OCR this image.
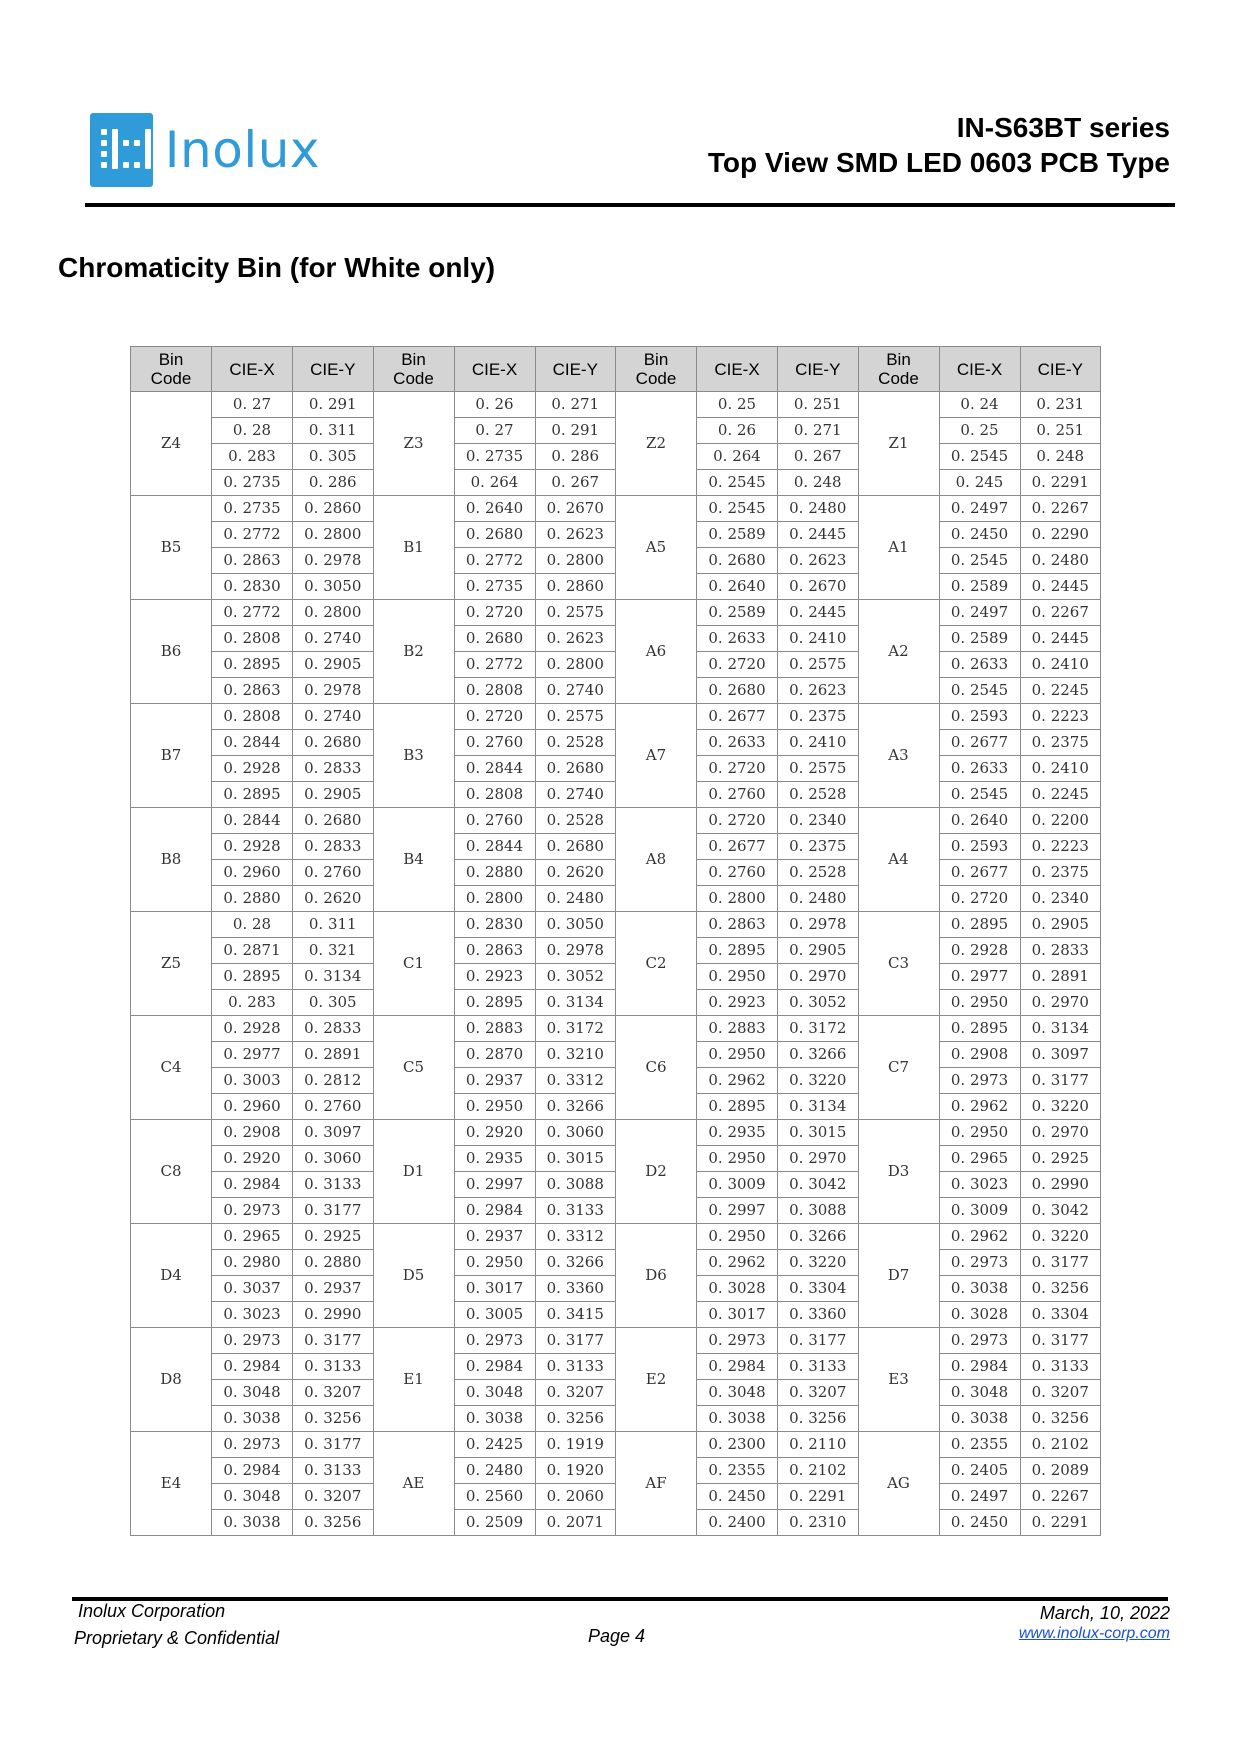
Inolux	IN-S63BT series
Top View SMD LED 0603 PCB Type
Chromaticity Bin (for White only)
Bin Code	CIE-X	CIE-Y	Bin Code	CIE-X	CIE-Y	Bin Code	CIE-X	CIE-Y	Bin Code	CIE-X	CIE-Y
Z4	0. 27	0. 291	Z3	0. 26	0. 271	Z2	0. 25	0. 251	Z1	0. 24	0. 231
	0. 28	0. 311		0. 27	0. 291		0. 26	0. 271		0. 25	0. 251
	0. 283	0. 305		0. 2735	0. 286		0. 264	0. 267		0. 2545	0. 248
	0. 2735	0. 286		0. 264	0. 267		0. 2545	0. 248		0. 245	0. 2291
B5	0. 2735	0. 2860	B1	0. 2640	0. 2670	A5	0. 2545	0. 2480	A1	0. 2497	0. 2267
	0. 2772	0. 2800		0. 2680	0. 2623		0. 2589	0. 2445		0. 2450	0. 2290
	0. 2863	0. 2978		0. 2772	0. 2800		0. 2680	0. 2623		0. 2545	0. 2480
	0. 2830	0. 3050		0. 2735	0. 2860		0. 2640	0. 2670		0. 2589	0. 2445
B6	0. 2772	0. 2800	B2	0. 2720	0. 2575	A6	0. 2589	0. 2445	A2	0. 2497	0. 2267
	0. 2808	0. 2740		0. 2680	0. 2623		0. 2633	0. 2410		0. 2589	0. 2445
	0. 2895	0. 2905		0. 2772	0. 2800		0. 2720	0. 2575		0. 2633	0. 2410
	0. 2863	0. 2978		0. 2808	0. 2740		0. 2680	0. 2623		0. 2545	0. 2245
B7	0. 2808	0. 2740	B3	0. 2720	0. 2575	A7	0. 2677	0. 2375	A3	0. 2593	0. 2223
	0. 2844	0. 2680		0. 2760	0. 2528		0. 2633	0. 2410		0. 2677	0. 2375
	0. 2928	0. 2833		0. 2844	0. 2680		0. 2720	0. 2575		0. 2633	0. 2410
	0. 2895	0. 2905		0. 2808	0. 2740		0. 2760	0. 2528		0. 2545	0. 2245
B8	0. 2844	0. 2680	B4	0. 2760	0. 2528	A8	0. 2720	0. 2340	A4	0. 2640	0. 2200
	0. 2928	0. 2833		0. 2844	0. 2680		0. 2677	0. 2375		0. 2593	0. 2223
	0. 2960	0. 2760		0. 2880	0. 2620		0. 2760	0. 2528		0. 2677	0. 2375
	0. 2880	0. 2620		0. 2800	0. 2480		0. 2800	0. 2480		0. 2720	0. 2340
Z5	0. 28	0. 311	C1	0. 2830	0. 3050	C2	0. 2863	0. 2978	C3	0. 2895	0. 2905
	0. 2871	0. 321		0. 2863	0. 2978		0. 2895	0. 2905		0. 2928	0. 2833
	0. 2895	0. 3134		0. 2923	0. 3052		0. 2950	0. 2970		0. 2977	0. 2891
	0. 283	0. 305		0. 2895	0. 3134		0. 2923	0. 3052		0. 2950	0. 2970
C4	0. 2928	0. 2833	C5	0. 2883	0. 3172	C6	0. 2883	0. 3172	C7	0. 2895	0. 3134
	0. 2977	0. 2891		0. 2870	0. 3210		0. 2950	0. 3266		0. 2908	0. 3097
	0. 3003	0. 2812		0. 2937	0. 3312		0. 2962	0. 3220		0. 2973	0. 3177
	0. 2960	0. 2760		0. 2950	0. 3266		0. 2895	0. 3134		0. 2962	0. 3220
C8	0. 2908	0. 3097	D1	0. 2920	0. 3060	D2	0. 2935	0. 3015	D3	0. 2950	0. 2970
	0. 2920	0. 3060		0. 2935	0. 3015		0. 2950	0. 2970		0. 2965	0. 2925
	0. 2984	0. 3133		0. 2997	0. 3088		0. 3009	0. 3042		0. 3023	0. 2990
	0. 2973	0. 3177		0. 2984	0. 3133		0. 2997	0. 3088		0. 3009	0. 3042
D4	0. 2965	0. 2925	D5	0. 2937	0. 3312	D6	0. 2950	0. 3266	D7	0. 2962	0. 3220
	0. 2980	0. 2880		0. 2950	0. 3266		0. 2962	0. 3220		0. 2973	0. 3177
	0. 3037	0. 2937		0. 3017	0. 3360		0. 3028	0. 3304		0. 3038	0. 3256
	0. 3023	0. 2990		0. 3005	0. 3415		0. 3017	0. 3360		0. 3028	0. 3304
D8	0. 2973	0. 3177	E1	0. 2973	0. 3177	E2	0. 2973	0. 3177	E3	0. 2973	0. 3177
	0. 2984	0. 3133		0. 2984	0. 3133		0. 2984	0. 3133		0. 2984	0. 3133
	0. 3048	0. 3207		0. 3048	0. 3207		0. 3048	0. 3207		0. 3048	0. 3207
	0. 3038	0. 3256		0. 3038	0. 3256		0. 3038	0. 3256		0. 3038	0. 3256
E4	0. 2973	0. 3177	AE	0. 2425	0. 1919	AF	0. 2300	0. 2110	AG	0. 2355	0. 2102
	0. 2984	0. 3133		0. 2480	0. 1920		0. 2355	0. 2102		0. 2405	0. 2089
	0. 3048	0. 3207		0. 2560	0. 2060		0. 2450	0. 2291		0. 2497	0. 2267
	0. 3038	0. 3256		0. 2509	0. 2071		0. 2400	0. 2310		0. 2450	0. 2291
Inolux Corporation
Proprietary & Confidential	Page 4
March, 10, 2022
www.inolux-corp.com
